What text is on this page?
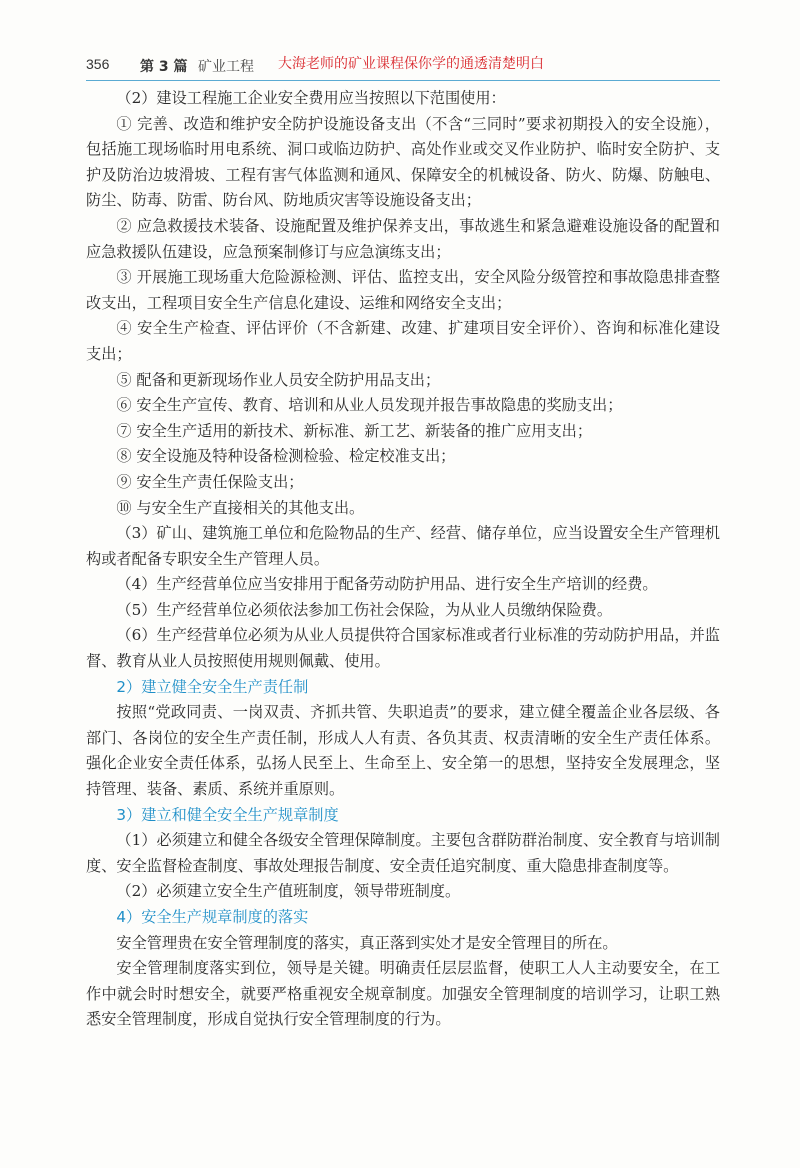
356 第 3 篇 矿业工程 大海老师的矿业课程保你学的通透清楚明白

（2）建设工程施工企业安全费用应当按照以下范围使用：

① 完善、改造和维护安全防护设施设备支出（不含“三同时”要求初期投入的安全设施），包括施工现场临时用电系统、洞口或临边防护、高处作业或交叉作业防护、临时安全防护、支护及防治边坡滑坡、工程有害气体监测和通风、保障安全的机械设备、防火、防爆、防触电、防尘、防毒、防雷、防台风、防地质灾害等设施设备支出；

② 应急救援技术装备、设施配置及维护保养支出，事故逃生和紧急避难设施设备的配置和应急救援队伍建设，应急预案制修订与应急演练支出；

③ 开展施工现场重大危险源检测、评估、监控支出，安全风险分级管控和事故隐患排查整改支出，工程项目安全生产信息化建设、运维和网络安全支出；

④ 安全生产检查、评估评价（不含新建、改建、扩建项目安全评价）、咨询和标准化建设支出；

⑤ 配备和更新现场作业人员安全防护用品支出；

⑥ 安全生产宣传、教育、培训和从业人员发现并报告事故隐患的奖励支出；

⑦ 安全生产适用的新技术、新标准、新工艺、新装备的推广应用支出；

⑧ 安全设施及特种设备检测检验、检定校准支出；

⑨ 安全生产责任保险支出；

⑩ 与安全生产直接相关的其他支出。

（3）矿山、建筑施工单位和危险物品的生产、经营、储存单位，应当设置安全生产管理机构或者配备专职安全生产管理人员。

（4）生产经营单位应当安排用于配备劳动防护用品、进行安全生产培训的经费。

（5）生产经营单位必须依法参加工伤社会保险，为从业人员缴纳保险费。

（6）生产经营单位必须为从业人员提供符合国家标准或者行业标准的劳动防护用品，并监督、教育从业人员按照使用规则佩戴、使用。

2）建立健全安全生产责任制

按照“党政同责、一岗双责、齐抓共管、失职追责”的要求，建立健全覆盖企业各层级、各部门、各岗位的安全生产责任制，形成人人有责、各负其责、权责清晰的安全生产责任体系。强化企业安全责任体系，弘扬人民至上、生命至上、安全第一的思想，坚持安全发展理念，坚持管理、装备、素质、系统并重原则。

3）建立和健全安全生产规章制度

（1）必须建立和健全各级安全管理保障制度。主要包含群防群治制度、安全教育与培训制度、安全监督检查制度、事故处理报告制度、安全责任追究制度、重大隐患排查制度等。

（2）必须建立安全生产值班制度，领导带班制度。

4）安全生产规章制度的落实

安全管理贵在安全管理制度的落实，真正落到实处才是安全管理目的所在。

安全管理制度落实到位，领导是关键。明确责任层层监督，使职工人人主动要安全，在工作中就会时时想安全，就要严格重视安全规章制度。加强安全管理制度的培训学习，让职工熟悉安全管理制度，形成自觉执行安全管理制度的行为。
